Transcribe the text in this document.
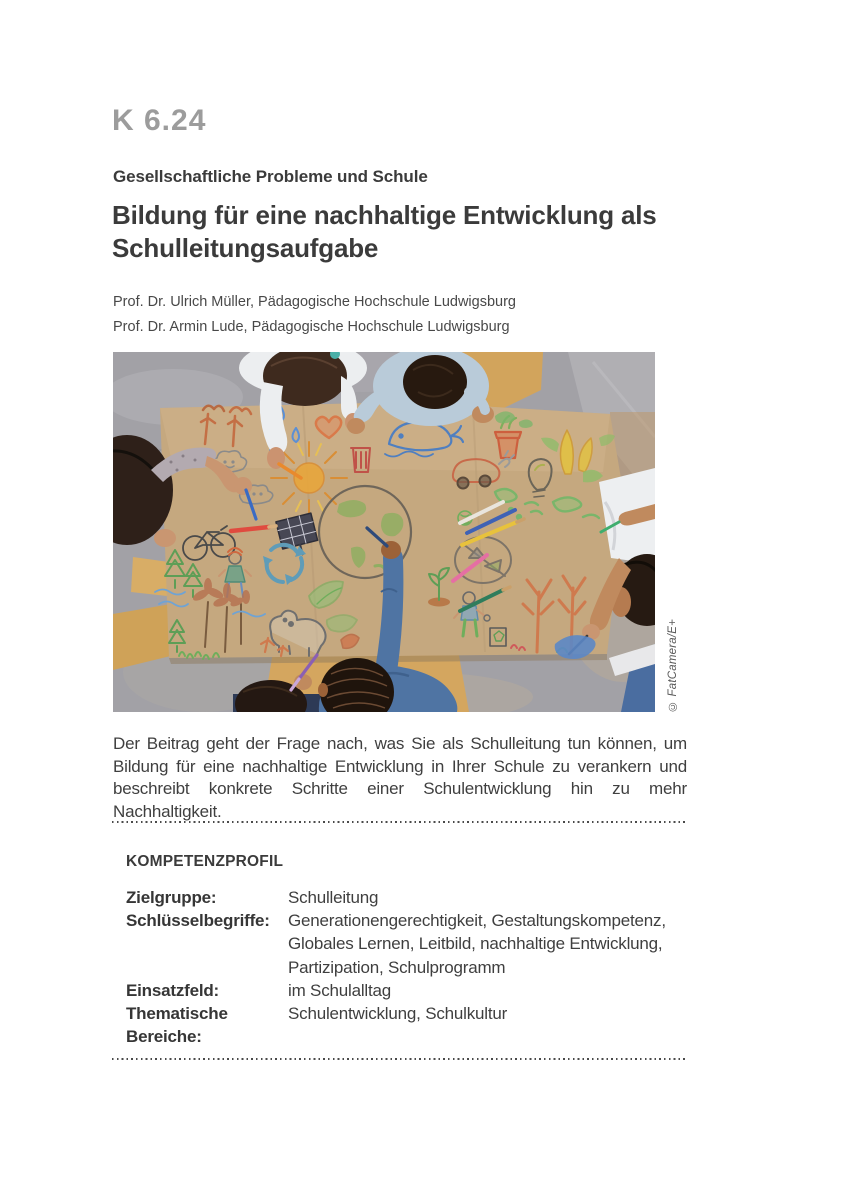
K 6.24
Gesellschaftliche Probleme und Schule
Bildung für eine nachhaltige Entwicklung als Schulleitungsaufgabe
Prof. Dr. Ulrich Müller, Pädagogische Hochschule Ludwigsburg
Prof. Dr. Armin Lude, Pädagogische Hochschule Ludwigsburg
© FatCamera/E+

Der Beitrag geht der Frage nach, was Sie als Schulleitung tun können, um Bildung für eine nachhaltige Entwicklung in Ihrer Schule zu verankern und beschreibt konkrete Schritte einer Schulentwicklung hin zu mehr Nachhaltigkeit.

KOMPETENZPROFIL
Zielgruppe:	Schulleitung
Schlüsselbegriffe:	Generationengerechtigkeit, Gestaltungskompetenz, Globales Lernen, Leitbild, nachhaltige Entwicklung, Partizipation, Schulprogramm
Einsatzfeld:	im Schulalltag
Thematische Bereiche:
Schulentwicklung, Schulkultur
